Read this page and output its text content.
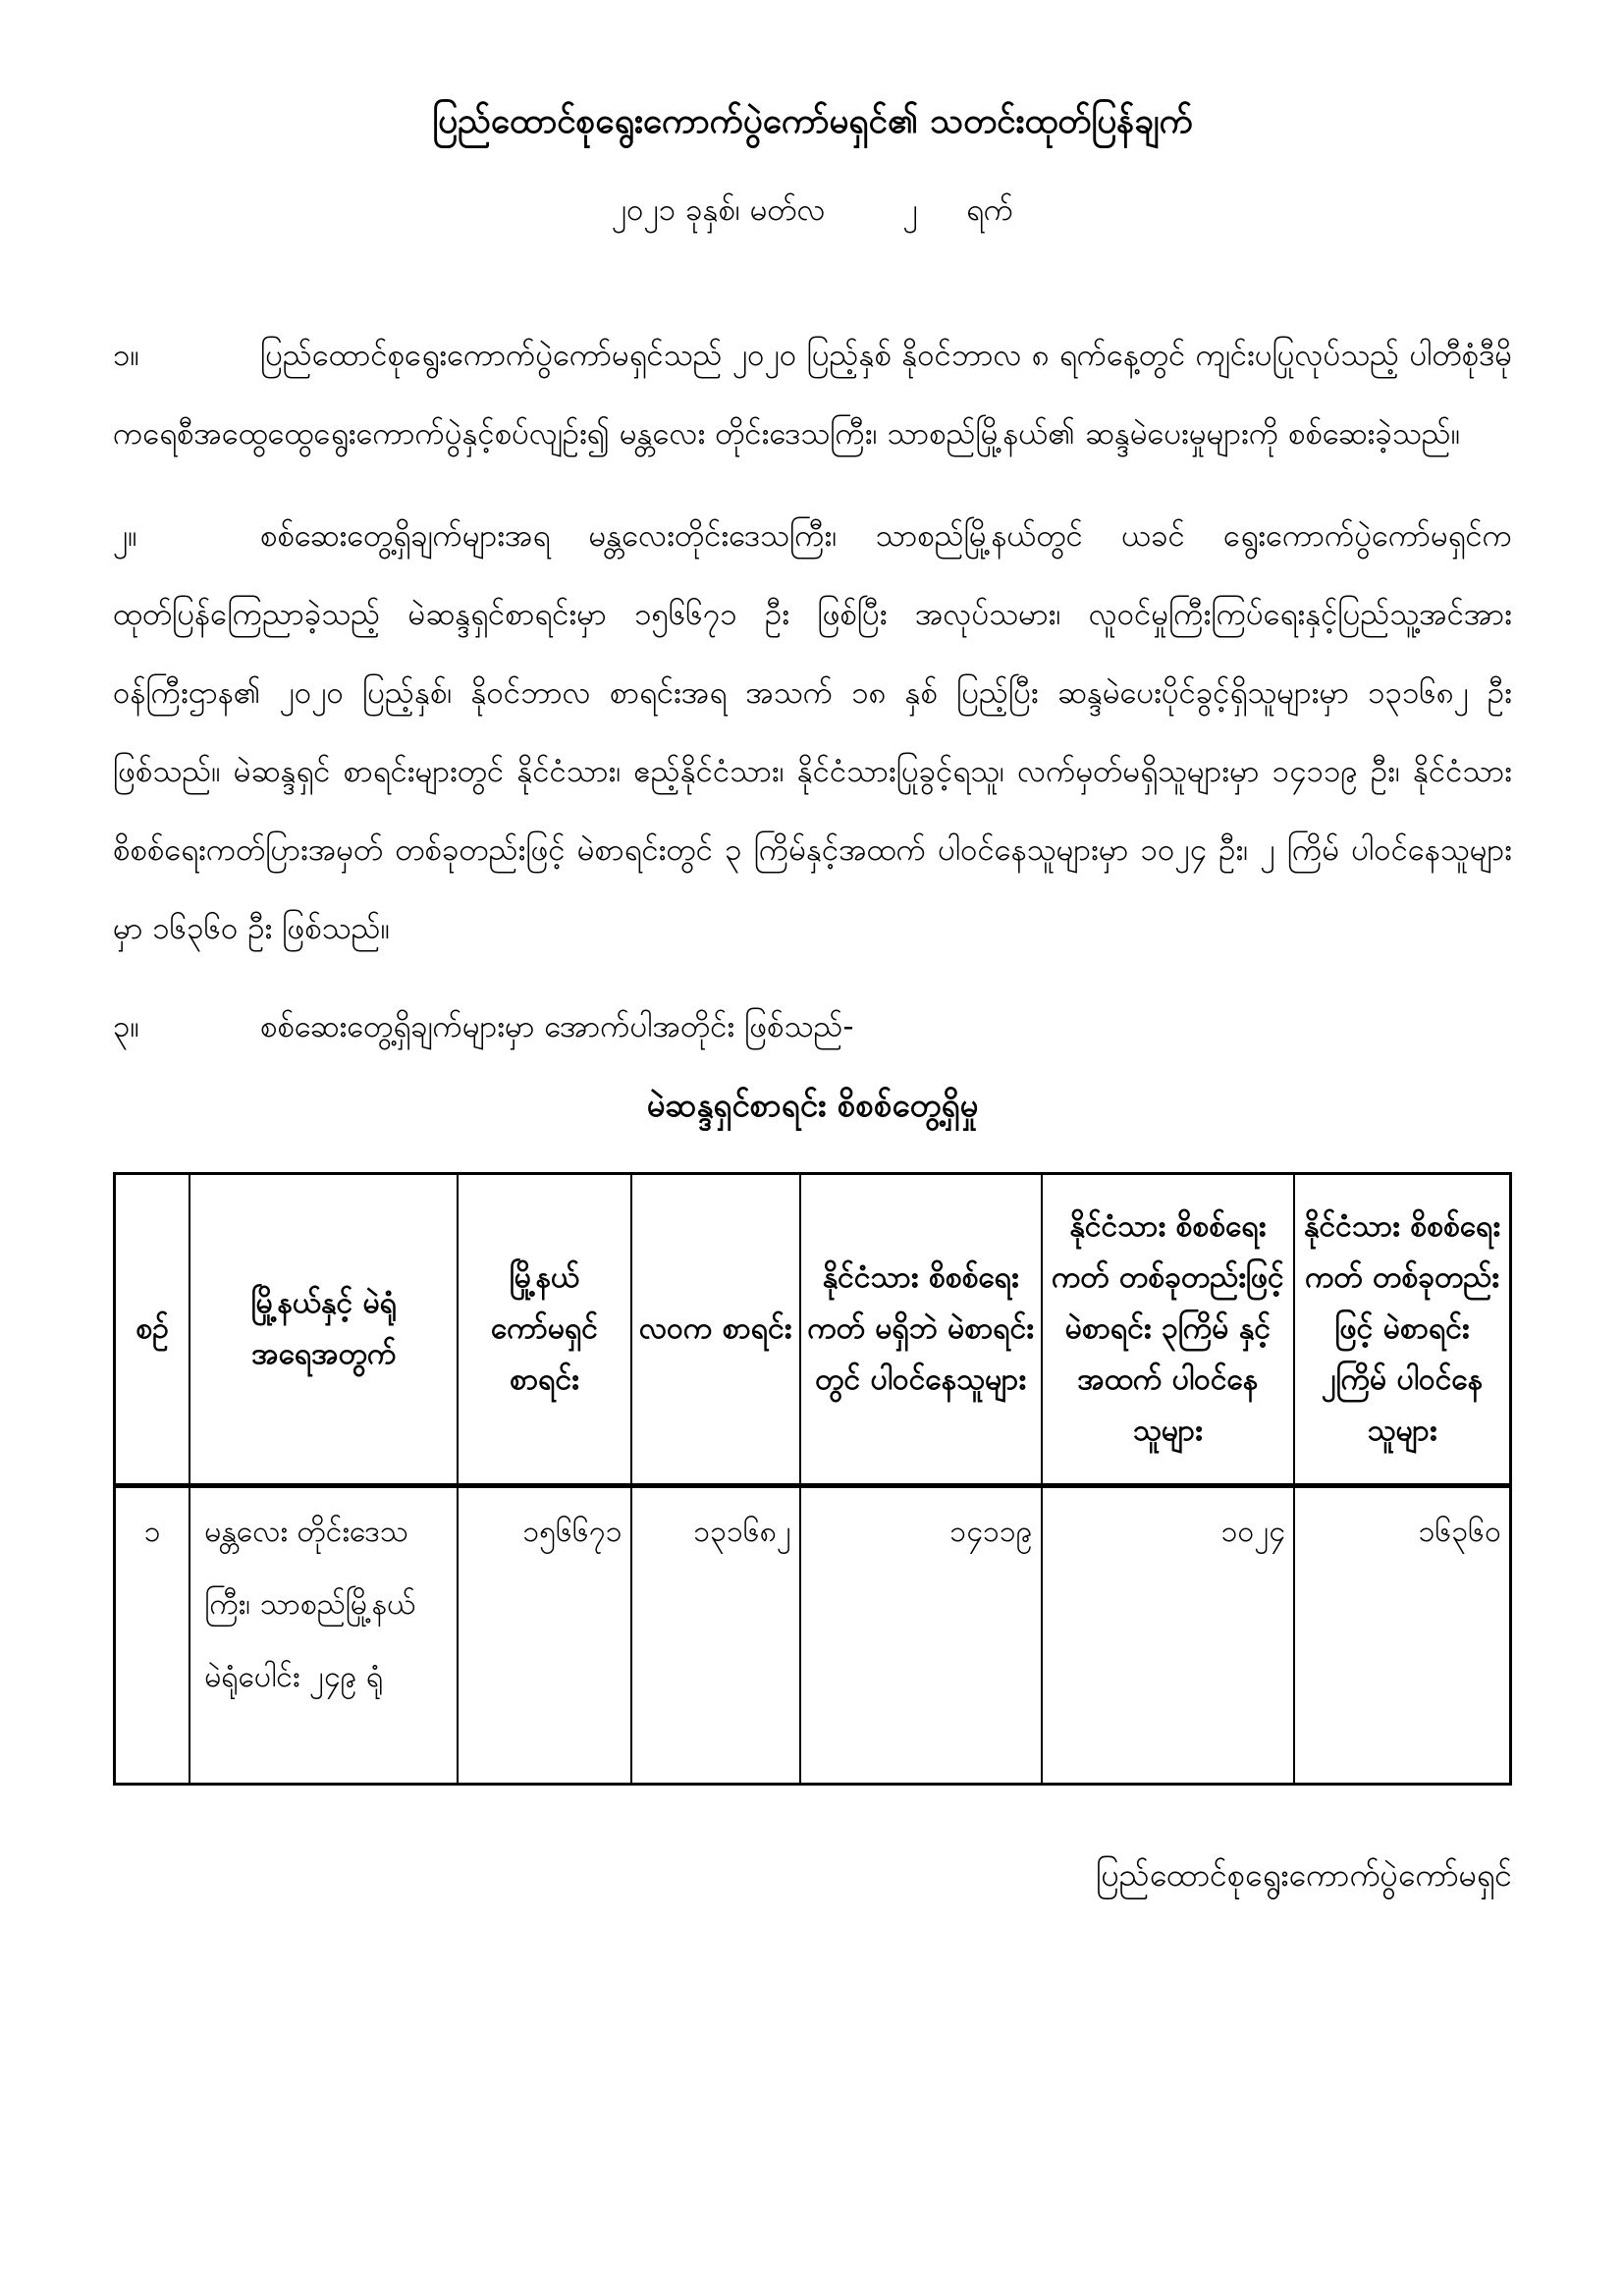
ပြည်ထောင်စုရွေးကောက်ပွဲကော်မရှင်၏ သတင်းထုတ်ပြန်ချက်
၂၀၂၁ ခုနှစ်၊ မတ်လ        ၂     ရက်

၁။	ပြည်ထောင်စုရွေးကောက်ပွဲကော်မရှင်သည် ၂၀၂၀ ပြည့်နှစ် နိုဝင်ဘာလ ၈ ရက်နေ့တွင် ကျင်းပပြုလုပ်သည့် ပါတီစုံဒီမိုကရေစီအထွေထွေရွေးကောက်ပွဲနှင့်စပ်လျဉ်း၍ မန္တလေး တိုင်းဒေသကြီး၊ သာစည်မြို့နယ်၏ ဆန္ဒမဲပေးမှုများကို စစ်ဆေးခဲ့သည်။

၂။	စစ်ဆေးတွေ့ရှိချက်များအရ မန္တလေးတိုင်းဒေသကြီး၊ သာစည်မြို့နယ်တွင် ယခင် ရွေးကောက်ပွဲကော်မရှင်က ထုတ်ပြန်ကြေညာခဲ့သည့် မဲဆန္ဒရှင်စာရင်းမှာ ၁၅၆၆၇၁ ဦး ဖြစ်ပြီး အလုပ်သမား၊ လူဝင်မှုကြီးကြပ်ရေးနှင့်ပြည်သူ့အင်အားဝန်ကြီးဌာန၏ ၂၀၂၀ ပြည့်နှစ်၊ နိုဝင်ဘာလ စာရင်းအရ အသက် ၁၈ နှစ် ပြည့်ပြီး ဆန္ဒမဲပေးပိုင်ခွင့်ရှိသူများမှာ ၁၃၁၆၈၂ ဦး ဖြစ်သည်။ မဲဆန္ဒရှင် စာရင်းများတွင် နိုင်ငံသား၊ ဧည့်နိုင်ငံသား၊ နိုင်ငံသားပြုခွင့်ရသူ၊ လက်မှတ်မရှိသူများမှာ ၁၄၁၁၉ ဦး၊ နိုင်ငံသားစိစစ်ရေးကတ်ပြားအမှတ် တစ်ခုတည်းဖြင့် မဲစာရင်းတွင် ၃ ကြိမ်နှင့်အထက် ပါဝင်နေသူများမှာ ၁၀၂၄ ဦး၊ ၂ ကြိမ် ပါဝင်နေသူများမှာ ၁၆၃၆၀ ဦး ဖြစ်သည်။

၃။	စစ်ဆေးတွေ့ရှိချက်များမှာ အောက်ပါအတိုင်း ဖြစ်သည်-

မဲဆန္ဒရှင်စာရင်း စိစစ်တွေ့ရှိမှု
စဉ်	မြို့နယ်နှင့် မဲရုံအရေအတွက်	မြို့နယ် ကော်မရှင် စာရင်း	လဝက စာရင်း	နိုင်ငံသား စိစစ်ရေးကတ် မရှိဘဲ မဲစာရင်းတွင် ပါဝင်နေသူများ	နိုင်ငံသား စိစစ်ရေးကတ် တစ်ခုတည်းဖြင့် မဲစာရင်း ၃ကြိမ် နှင့် အထက် ပါဝင်နေသူများ	နိုင်ငံသား စိစစ်ရေးကတ် တစ်ခုတည်းဖြင့် မဲစာရင်း ၂ကြိမ် ပါဝင်နေသူများ
၁	မန္တလေး တိုင်းဒေသကြီး၊ သာစည်မြို့နယ် မဲရုံပေါင်း ၂၄၉ ရုံ	၁၅၆၆၇၁	၁၃၁၆၈၂	၁၄၁၁၉	၁၀၂၄	၁၆၃၆၀
ပြည်ထောင်စုရွေးကောက်ပွဲကော်မရှင်
